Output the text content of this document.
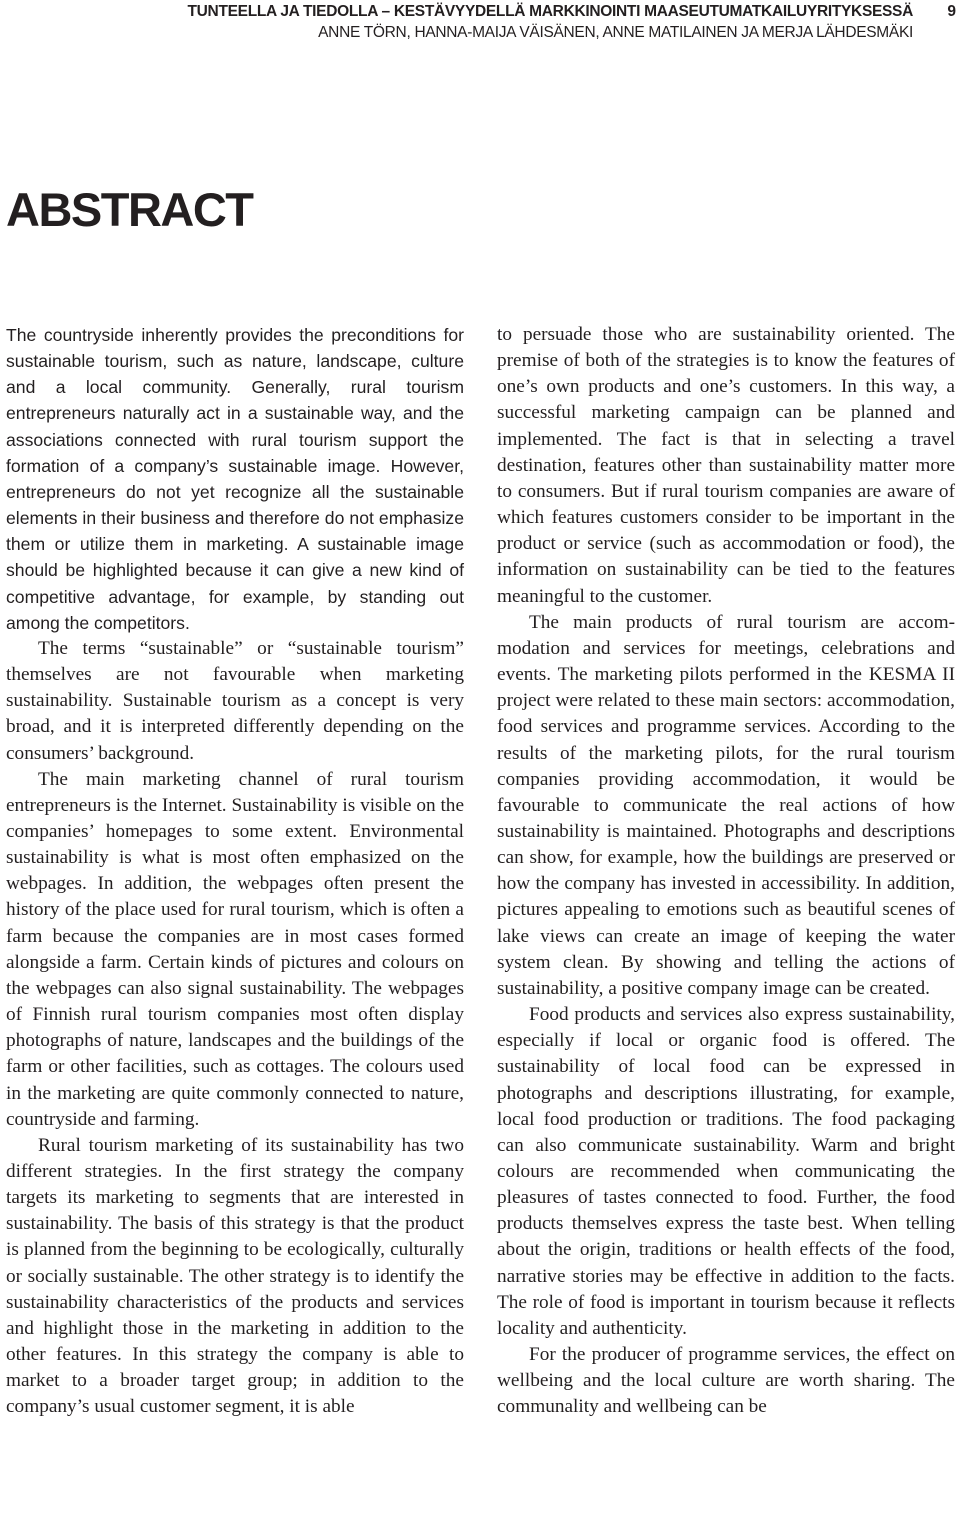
TUNTEELLA JA TIEDOLLA – KESTÄVYYDELLÄ MARKKINOINTI MAASEUTUMATKAILUYRITYKSESSÄ
ANNE TÖRN, HANNA-MAIJA VÄISÄNEN, ANNE MATILAINEN JA MERJA LÄHDESMÄKI
9
ABSTRACT

The countryside inherently provides the preconditions for sustainable tourism, such as nature, landscape, culture and a local community. Generally, rural tourism entrepreneurs naturally act in a sustainable way, and the associations connected with rural tourism support the formation of a company’s sustainable image. However, entrepreneurs do not yet recognize all the sustainable elements in their business and therefore do not emphasize them or utilize them in marketing. A sustainable image should be highlighted because it can give a new kind of competitive advantage, for example, by standing out among the competitors.

The terms “sustainable” or “sustainable tourism” themselves are not favourable when marketing sustainability. Sustainable tourism as a concept is very broad, and it is interpreted differently depending on the consumers’ background.

The main marketing channel of rural tourism entrepreneurs is the Internet. Sustainability is visible on the companies’ homepages to some extent. Environmental sustainability is what is most often emphasized on the webpages. In addition, the webpages often present the history of the place used for rural tourism, which is often a farm because the companies are in most cases formed alongside a farm. Certain kinds of pictures and colours on the webpages can also signal sustainability. The webpages of Finnish rural tourism companies most often display photographs of nature, landscapes and the buildings of the farm or other facilities, such as cottages. The colours used in the marketing are quite commonly connected to nature, countryside and farming.

Rural tourism marketing of its sustainability has two different strategies. In the first strategy the company targets its marketing to segments that are interested in sustainability. The basis of this strategy is that the product is planned from the beginning to be ecologically, culturally or socially sustainable. The other strategy is to identify the sustainability characteristics of the products and services and highlight those in the marketing in addition to the other features. In this strategy the company is able to market to a broader target group; in addition to the company’s usual customer segment, it is able

to persuade those who are sustainability oriented. The premise of both of the strategies is to know the features of one’s own products and one’s customers. In this way, a successful marketing campaign can be planned and implemented. The fact is that in selecting a travel destination, features other than sustainability matter more to consumers. But if rural tourism companies are aware of which features customers consider to be important in the product or service (such as accommodation or food), the information on sustainability can be tied to the features meaningful to the customer.

The main products of rural tourism are accommodation and services for meetings, celebrations and events. The marketing pilots performed in the KESMA II project were related to these main sectors: accommodation, food services and programme services. According to the results of the marketing pilots, for the rural tourism companies providing accommodation, it would be favourable to communicate the real actions of how sustainability is maintained. Photographs and descriptions can show, for example, how the buildings are preserved or how the company has invested in accessibility. In addition, pictures appealing to emotions such as beautiful scenes of lake views can create an image of keeping the water system clean. By showing and telling the actions of sustainability, a positive company image can be created.

Food products and services also express sustainability, especially if local or organic food is offered. The sustainability of local food can be expressed in photographs and descriptions illustrating, for example, local food production or traditions. The food packaging can also communicate sustainability. Warm and bright colours are recommended when communicating the pleasures of tastes connected to food. Further, the food products themselves express the taste best. When telling about the origin, traditions or health effects of the food, narrative stories may be effective in addition to the facts. The role of food is important in tourism because it reflects locality and authenticity.

For the producer of programme services, the effect on wellbeing and the local culture are worth sharing. The communality and wellbeing can be
